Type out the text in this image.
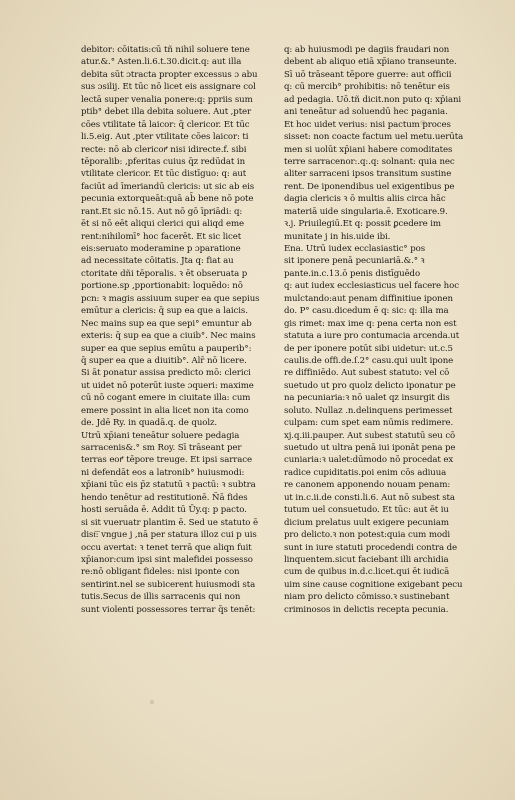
debitor: cōitatis:cū tñ nihil soluere tene
atur.&.° Asten.li.6.t.30.dicit.q: aut illa
debita sūt ɔtracta propter excessus ɔ abu
sus ɔsilij. Et tūc nō licet eis assignare col
lectā super venalia ponere:q: ppriis sum
ptib° debet illa debita soluere. Aut ,pter
cōes vtilitate tā laicor: q̄ clericor. Et tūc
li.5.eig. Aut ,pter vtilitate cōes laicor: ti
recte: nō ab clericoꝵ nisi idirecte.f. sibi
tēporalib: ,pferitas cuius q̄z redūdat in
vtilitate clericor. Et tūc distīguo: q: aut
faciūt ad īmeriandū clericis: ut sic ab eis
pecunia extorqueāt:quā ab̄ bene nō pote
rant.Et sic nō.15. Aut nō gō īpriādi: q:
ēt si nō eēt aliqui clerici qui aliqd eme
rent:nihilomī° hoc facerēt. Et sic licet
eis:seruato moderamine p ɔparatione
ad necessitate cōitatis. Jta q: fiat au
ctoritate dñi tēporalis. ꝛ ēt obseruata p
portione.sp ,pportionabit: loquēdo: nō
pcn: ꝛ magis assiuum super ea que sepius
emūtur a clericis: q̄ sup ea que a laicis.
Nec mains sup ea que sepi° emuntur ab
exteris: q̄ sup ea que a ciuib°. Nec mains
super ea que sepius emūtu a pauperib°:
q̄ super ea que a diuitib°. Alr̄ nō licere.
Si āt ponatur assisa predicto mō: clerici
ut uidet nō poterūt iuste ɔqueri: maxime
cū nō cogant emere in ciuitate illa: cum
emere possint in alia licet non ita como
de. Jdē Ry. in quadā.q. de quolz.
Utrū xp̄iani teneātur soluere pedagia
sarracenis&.° sm Roy. Sī trāseant per
terras eoꝵ tēpore treuge. Et ipsi sarrace
ni defendāt eos a latronib° huiusmodi:
xp̄iani tūc eis p̄z statutū ꝛ pactū: ꝛ subtra
hendo tenētur ad restitutionē. Ñā fides
hosti seruāda ē. Addit tū Ūy.q: p pacto.
si sit vueruatr plantim ē. Sed ue statuto ē
dist͞: vngue j ,nā per statura illoz cui p uis
occu avertat: ꝛ tenet terrā que aliqn fuit
xp̄ianor:cum ipsi sint malefidei possesso
re:nō obligant fideles: nisi iponte con
sentirint.nel se subicerent huiusmodi sta
tutis.Secus de illis sarracenis qui non
sunt violenti possessores terrar q̄s tenēt:
q: ab huiusmodi pe dagiis fraudari non
debent ab aliquo etiā xp̄iano transeunte.
Sī uō trāseant tēpore guerre: aut officii
q: cū mercib° prohibitis: nō tenētur eis
ad pedagia. Uō.tñ dicit.non puto q: xp̄iani
ani teneātur ad soluendū hec pagania.
Et hoc uidet verius: nisi pactum proces
sisset: non coacte factum uel metu.uerūta
men si uolūt xp̄iani habere comoditates
terre sarracenor:.q:.q: solnant: quia nec
aliter sarraceni ipsos transitum sustine
rent. De iponendibus uel exigentibus pe
dagia clericis ꝛ ō multis aliis circa hāc
materiā uide singularia.ē. Exoticare.9.
ꝛ.j. Priuilegiū.Et q: possit ꝑcedere im
munitate j in his.uide ibi.
Ena. Utrū iudex ecclasiastic° pos
sit iponere penā pecuniariā.&.° ꝛ
pante.in.c.13.ō penis distīguēdo
q: aut iudex ecclesiasticus uel facere hoc
mulctando:aut penam diffinitiue iponen
do. P° casu.dicedum ē q: sic: q: illa ma
gis rimet: max ime q: pena certa non est
statuta a iure pro contumacia arcenda.ut
de per iponere potūt sibi uidetur: ut.c.5
caulis.de offi.de.ſ.2° casu.qui uult ipone
re diffiniēdo. Aut subest statuto: vel cō
suetudo ut pro quolz delicto iponatur pe
na pecuniaria:ꝛ nō ualet qz insurgit dis
soluto. Nullaz .n.delinquens perimesset
culpam: cum spet eam nūmis redimere.
xj.q.iii.pauper. Aut subest statutū seu cō
suetudo ut ultra penā iui iponāt pena pe
cuniaria:ꝛ ualet:dūmodo nō procedat ex
radice cupiditatis.poi enim cōs adiuua
re canonem apponendo nouam penam:
ut in.c.ii.de consti.li.6. Aut nō subest sta
tutum uel consuetudo. Et tūc: aut ēt iu
dicium prelatus uult exigere pecuniam
pro delicto.ꝛ non potest:quia cum modi
sunt in iure statuti procedendi contra de
linquentem.sicut faciebant illi archidia
cum de quibus in.d.c.licet.qui ēt iudicā
uim sine cause cognitione exigebant pecu
niam pro delicto cōmisso.ꝛ sustinebant
criminosos in delictis recepta pecunia.
